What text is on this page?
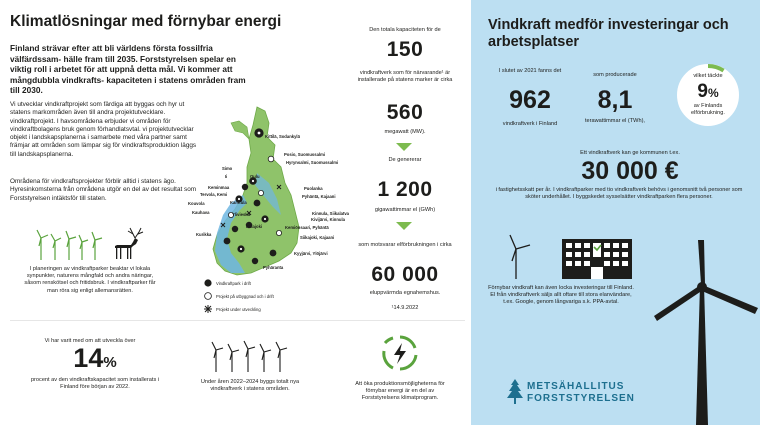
Klimatlösningar med förnybar energi
Finland strävar efter att bli världens första fossilfria välfärdssam- hälle fram till 2035. Forststyrelsen spelar en viktig roll i arbetet för att uppnå detta mål. Vi kommer att mångdubbla vindkrafts- kapaciteten i statens områden fram till 2030.
Vi utvecklar vindkraftprojekt som färdiga att byggas och hyr ut statens markområden även till andra projektutvecklare. vindkraftprojekt. I havsområdena erbjuder vi områden för vindkraftbolagens bruk genom förhandlatsvtal. vi projektutvecklar objekt i landskapsplanerna i samarbete med våra partner samt främjar att områden som lämpar sig för vindkraftsproduktion läggs till landskapsplanerna.
Områdena för vindkraftsprojekter förblir alltid i statens ägo. Hyresinkomsterna från områdena utgör en del av det resultat som Forststyrelsen intäktsför till staten.
I planeringen av vindkraftparker beaktar vi lokala synpunkter, naturens mångfald och andra näringar, såsom renskötsel och fritidsbruk. I vindkraftparker får man röra sig enligt allemansrätten.
Kittilä, Sodankylä
Posio, Suomussalmi
Hyrynsalmi, Suomussalmi
Puolanka
Pyhäntä, Kajaani
Kinnula, Siikalatva
Kivijärvi, Kinnula
Siikajoki, Kajaani
Kyyjärvi, Ylöjärvi
Kurikka
Kauhava
Pyhäranta
Kemiönsaari, Pyhäntä
Simo
Ii
Keminmaa
Tervola, Kemi
Kouvola	Karstula
Ylivieska
Kalajoki
Oulu
Vindkraftpark i drift
Projekt på utbyggnad och i drift
Projekt under utveckling
Den totala kapaciteten för de
150
vindkraftverk som för närvarande¹ är installerade på statens marker är cirka
560
megawatt (MW).
De genererar
1 200
gigawattimmar el (GWh)
som motsvarar elförbrukningen i cirka
60 000
eluppvärmda egnahemshus.
¹14.9.2022
Vi har varit med om att utveckla över
14%
procent av den vindkraftskapacitet som installerats i Finland före början av 2022.
Under åren 2022–2024 byggs totalt nya vindkraftverk i statens områden.
Att öka produktionsmöjligheterna för förnybar energi är en del av Forststyrelsens klimatprogram.
Vindkraft medför investeringar och arbetsplatser
I slutet av 2021 fanns det
962
vindkraftverk i Finland
som producerade
8,1
terawattimmar el (TWh),
vilket täckte
9%
av Finlands elförbrukning.
Ett vindkraftverk kan ge kommunen t.ex.
30 000 €
i fastighetsskatt per år. I vindkraftparker med tio vindkraftverk behövs i genomsnitt två personer som sköter underhållet. I byggskedet sysselsätter vindkraftparken flera personer.
Förnybar vindkraft kan även locka investeringar till Finland. El från vindkraftverk säljs allt oftare till stora elanvändare, t.ex. Google, genom långvariga s.k. PPA-avtal.
METSÄHALLITUS
FORSTSTYRELSEN
